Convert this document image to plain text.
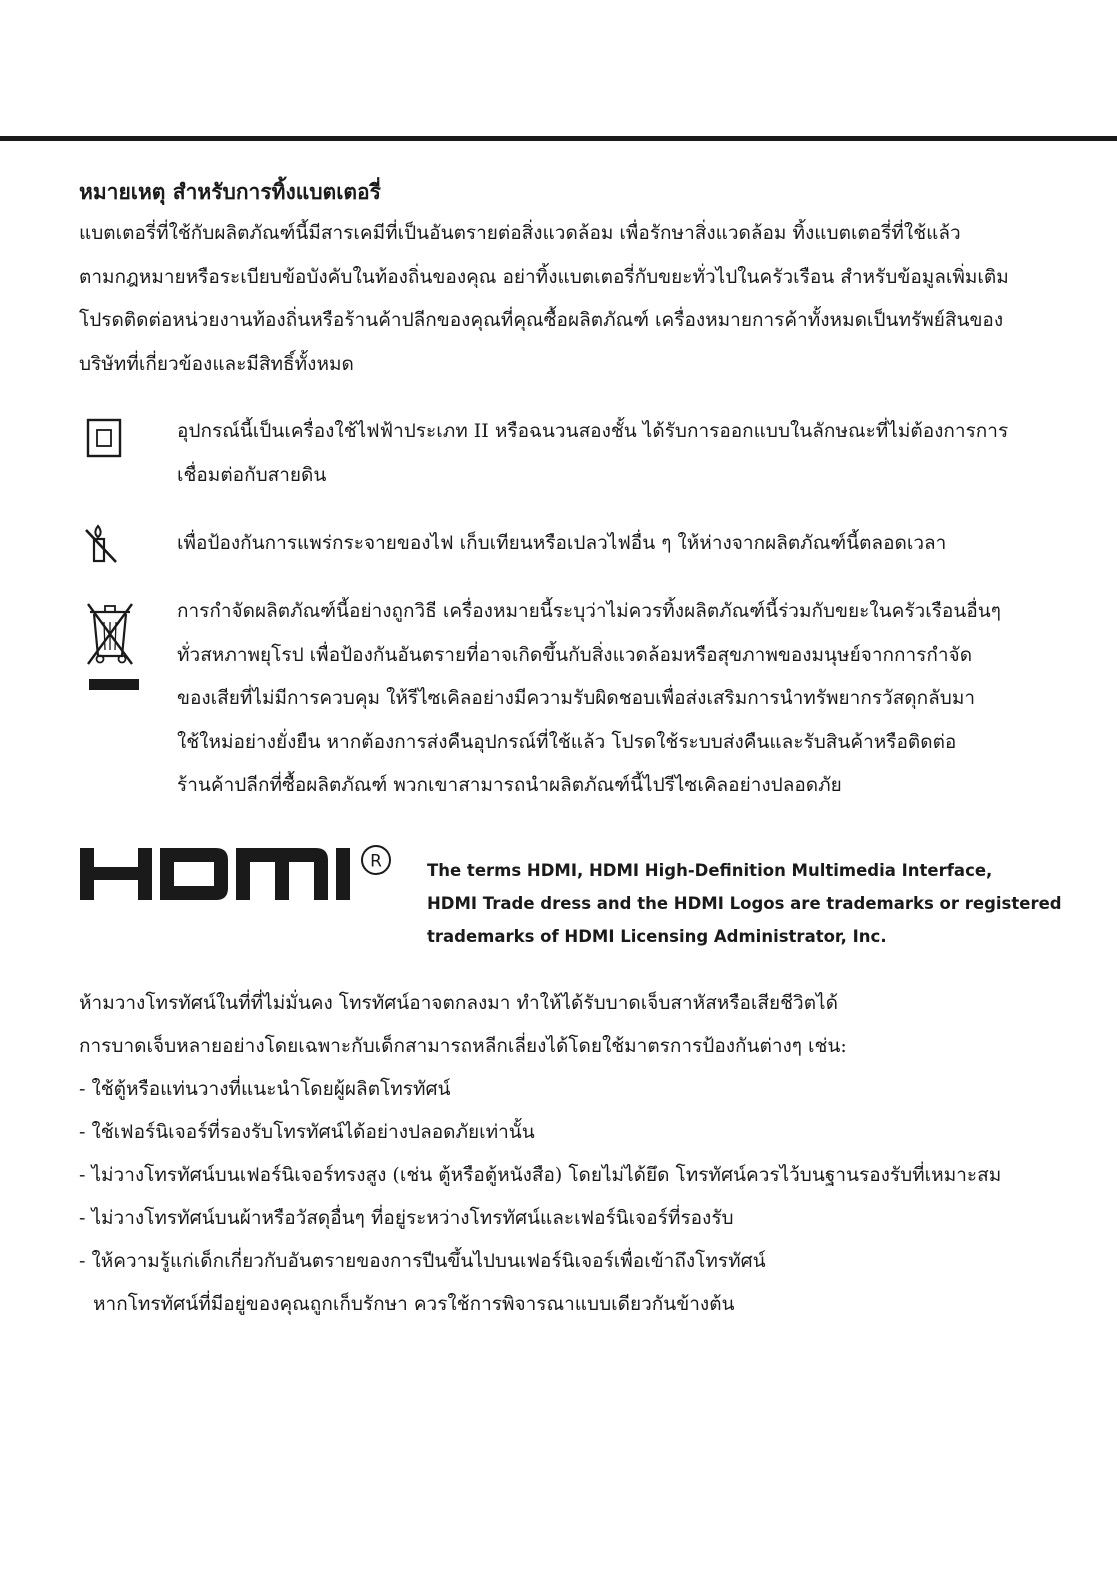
หมายเหตุ สำหรับการทิ้งแบตเตอรี่

แบตเตอรี่ที่ใช้กับผลิตภัณฑ์นี้มีสารเคมีที่เป็นอันตรายต่อสิ่งแวดล้อม เพื่อรักษาสิ่งแวดล้อม ทิ้งแบตเตอรี่ที่ใช้แล้ว
ตามกฎหมายหรือระเบียบข้อบังคับในท้องถิ่นของคุณ อย่าทิ้งแบตเตอรี่กับขยะทั่วไปในครัวเรือน สำหรับข้อมูลเพิ่มเติม
โปรดติดต่อหน่วยงานท้องถิ่นหรือร้านค้าปลีกของคุณที่คุณซื้อผลิตภัณฑ์ เครื่องหมายการค้าทั้งหมดเป็นทรัพย์สินของ
บริษัทที่เกี่ยวข้องและมีสิทธิ์ทั้งหมด

อุปกรณ์นี้เป็นเครื่องใช้ไฟฟ้าประเภท II หรือฉนวนสองชั้น ได้รับการออกแบบในลักษณะที่ไม่ต้องการการ
เชื่อมต่อกับสายดิน
เพื่อป้องกันการแพร่กระจายของไฟ เก็บเทียนหรือเปลวไฟอื่น ๆ ให้ห่างจากผลิตภัณฑ์นี้ตลอดเวลา
การกำจัดผลิตภัณฑ์นี้อย่างถูกวิธี เครื่องหมายนี้ระบุว่าไม่ควรทิ้งผลิตภัณฑ์นี้ร่วมกับขยะในครัวเรือนอื่นๆ
ทั่วสหภาพยุโรป เพื่อป้องกันอันตรายที่อาจเกิดขึ้นกับสิ่งแวดล้อมหรือสุขภาพของมนุษย์จากการกำจัด
ของเสียที่ไม่มีการควบคุม ให้รีไซเคิลอย่างมีความรับผิดชอบเพื่อส่งเสริมการนำทรัพยากรวัสดุกลับมา
ใช้ใหม่อย่างยั่งยืน หากต้องการส่งคืนอุปกรณ์ที่ใช้แล้ว โปรดใช้ระบบส่งคืนและรับสินค้าหรือติดต่อ
ร้านค้าปลีกที่ซื้อผลิตภัณฑ์ พวกเขาสามารถนำผลิตภัณฑ์นี้ไปรีไซเคิลอย่างปลอดภัย
R	The terms HDMI, HDMI High-Definition Multimedia Interface,
HDMI Trade dress and the HDMI Logos are trademarks or registered
trademarks of HDMI Licensing Administrator, Inc.
ห้ามวางโทรทัศน์ในที่ที่ไม่มั่นคง โทรทัศน์อาจตกลงมา ทำให้ได้รับบาดเจ็บสาหัสหรือเสียชีวิตได้
การบาดเจ็บหลายอย่างโดยเฉพาะกับเด็กสามารถหลีกเลี่ยงได้โดยใช้มาตรการป้องกันต่างๆ เช่น:
- ใช้ตู้หรือแท่นวางที่แนะนำโดยผู้ผลิตโทรทัศน์
- ใช้เฟอร์นิเจอร์ที่รองรับโทรทัศน์ได้อย่างปลอดภัยเท่านั้น
- ไม่วางโทรทัศน์บนเฟอร์นิเจอร์ทรงสูง (เช่น ตู้หรือตู้หนังสือ) โดยไม่ได้ยึด โทรทัศน์ควรไว้บนฐานรองรับที่เหมาะสม
- ไม่วางโทรทัศน์บนผ้าหรือวัสดุอื่นๆ ที่อยู่ระหว่างโทรทัศน์และเฟอร์นิเจอร์ที่รองรับ
- ให้ความรู้แก่เด็กเกี่ยวกับอันตรายของการปีนขึ้นไปบนเฟอร์นิเจอร์เพื่อเข้าถึงโทรทัศน์
หากโทรทัศน์ที่มีอยู่ของคุณถูกเก็บรักษา ควรใช้การพิจารณาแบบเดียวกันข้างต้น
